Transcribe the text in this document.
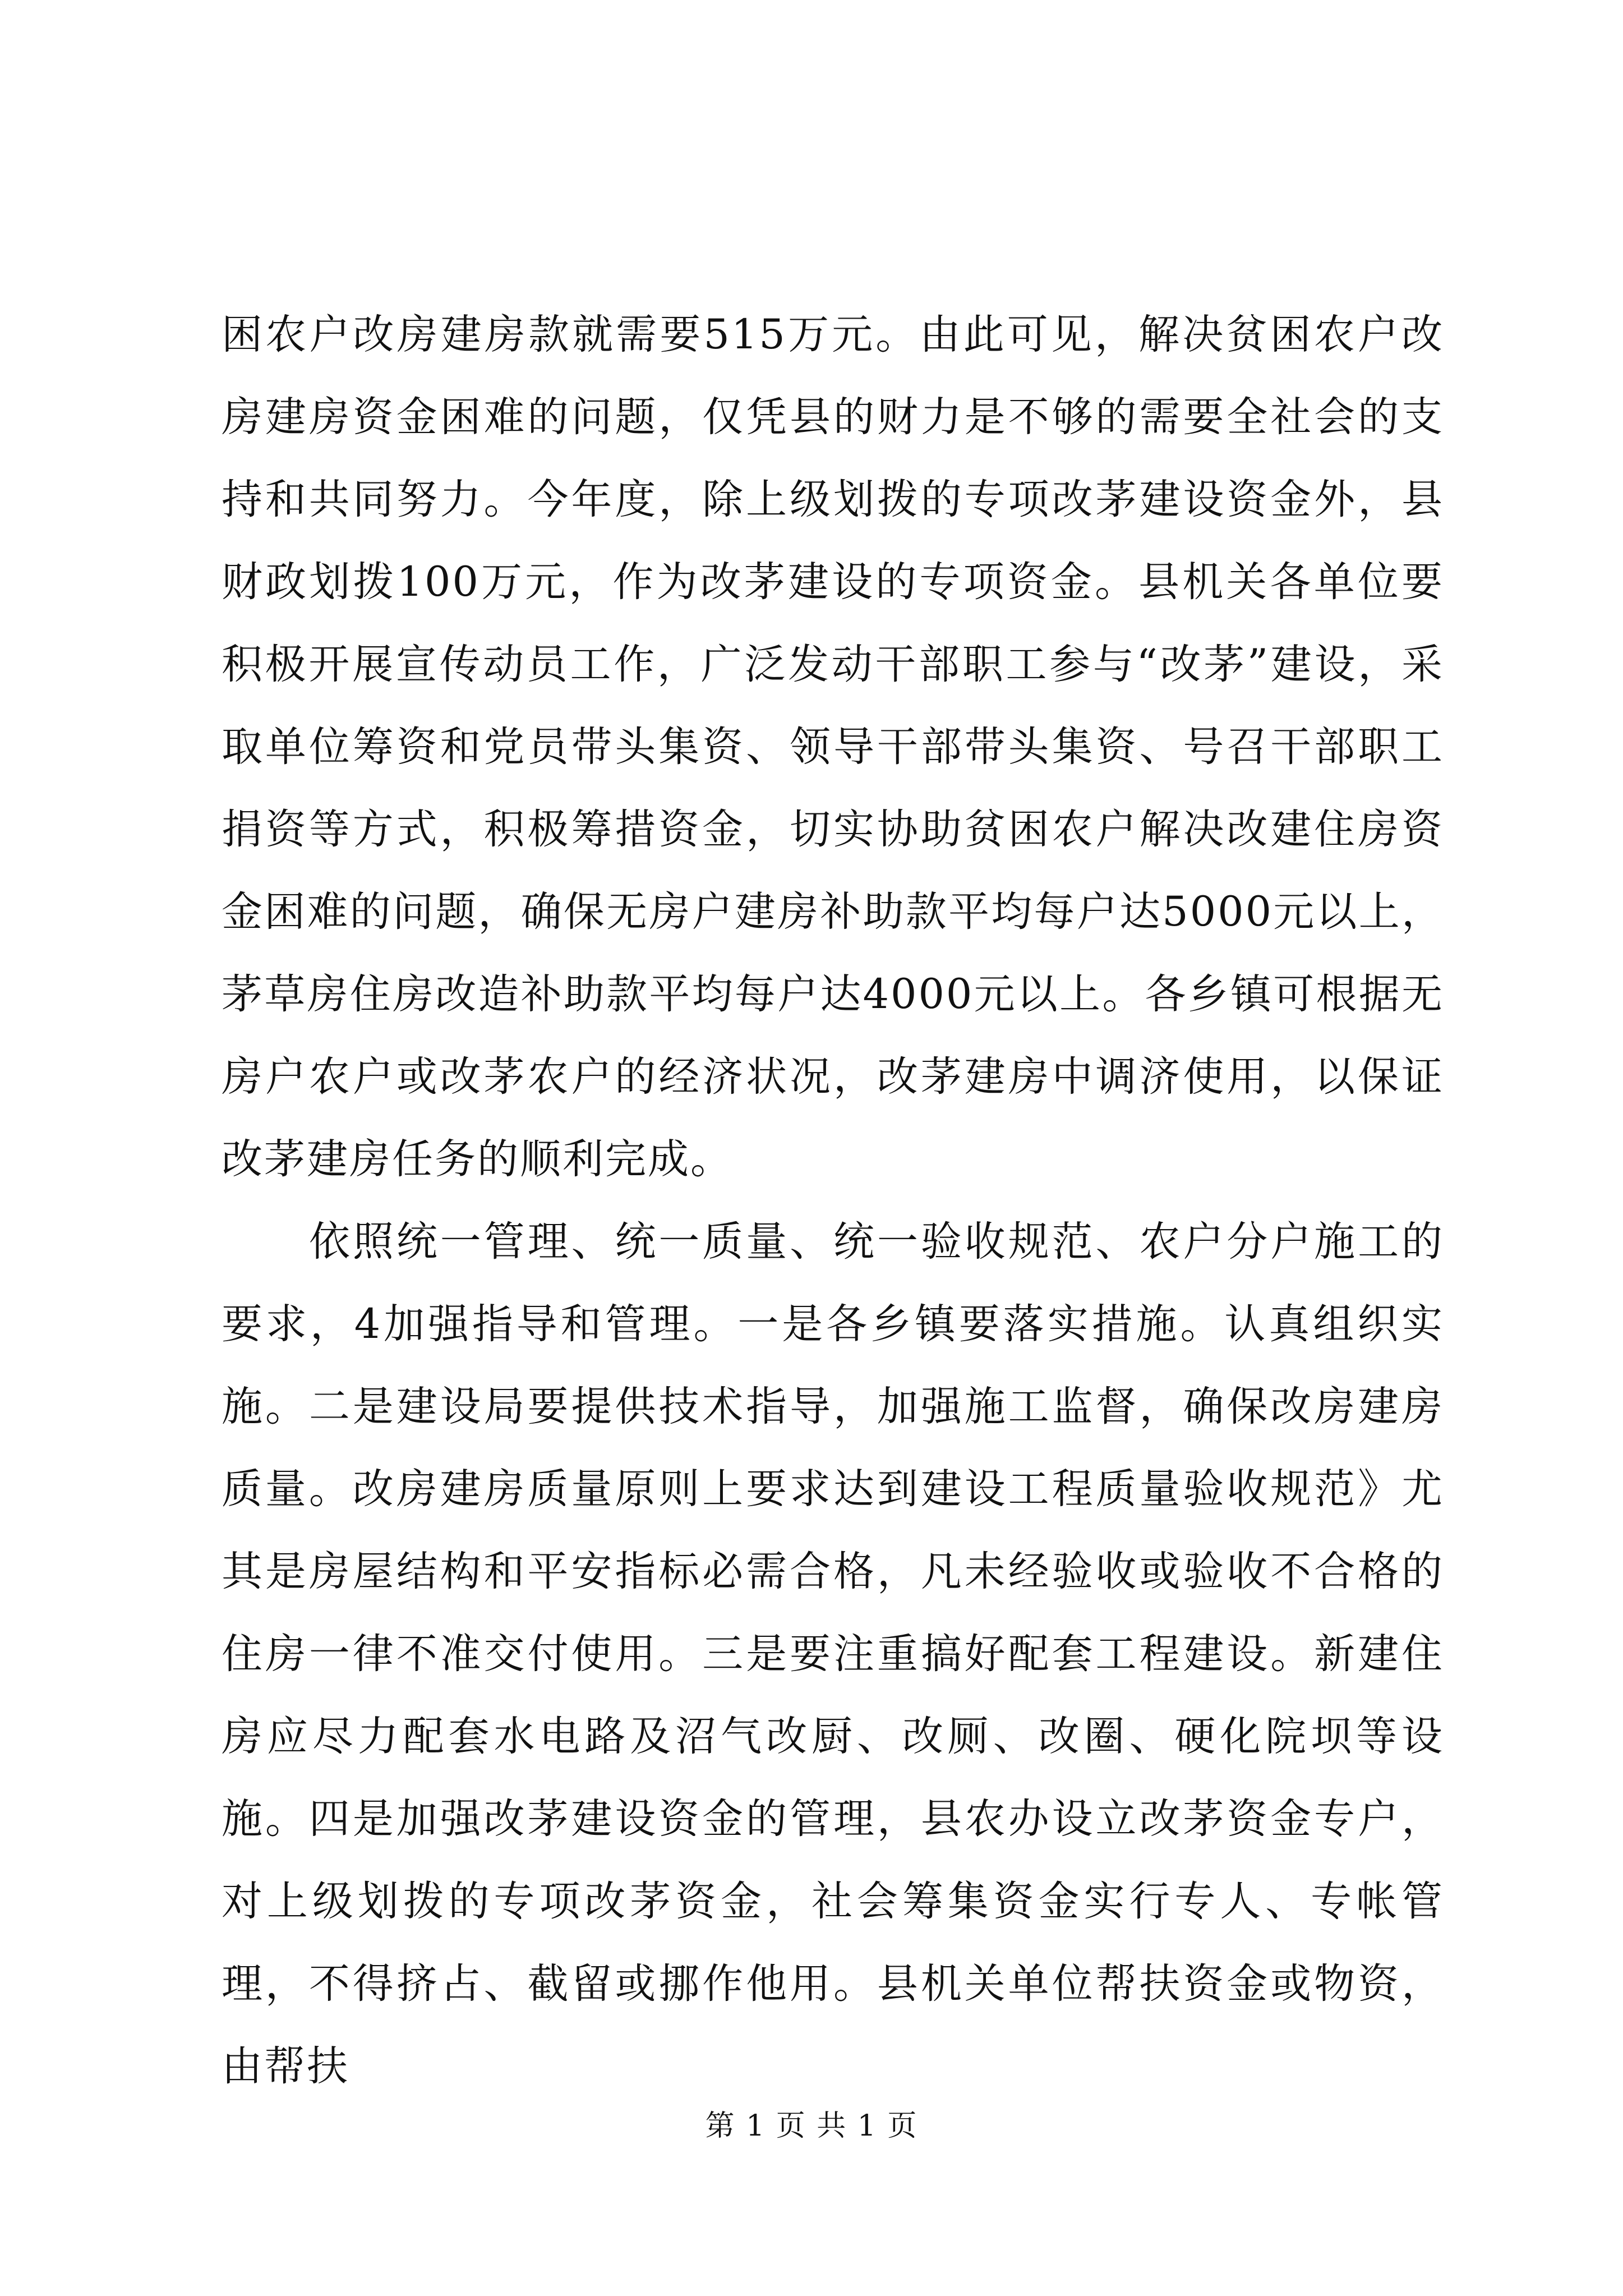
困农户改房建房款就需要515万元。由此可见，解决贫困农户改房建房资金困难的问题，仅凭县的财力是不够的需要全社会的支持和共同努力。今年度，除上级划拨的专项改茅建设资金外，县财政划拨100万元，作为改茅建设的专项资金。县机关各单位要积极开展宣传动员工作，广泛发动干部职工参与“改茅”建设，采取单位筹资和党员带头集资、领导干部带头集资、号召干部职工捐资等方式，积极筹措资金，切实协助贫困农户解决改建住房资金困难的问题，确保无房户建房补助款平均每户达5000元以上，茅草房住房改造补助款平均每户达4000元以上。各乡镇可根据无房户农户或改茅农户的经济状况，改茅建房中调济使用，以保证改茅建房任务的顺利完成。

依照统一管理、统一质量、统一验收规范、农户分户施工的要求，4加强指导和管理。一是各乡镇要落实措施。认真组织实施。二是建设局要提供技术指导，加强施工监督，确保改房建房质量。改房建房质量原则上要求达到建设工程质量验收规范》尤其是房屋结构和平安指标必需合格，凡未经验收或验收不合格的住房一律不准交付使用。三是要注重搞好配套工程建设。新建住房应尽力配套水电路及沼气改厨、改厕、改圈、硬化院坝等设施。四是加强改茅建设资金的管理，县农办设立改茅资金专户，对上级划拨的专项改茅资金，社会筹集资金实行专人、专帐管理，不得挤占、截留或挪作他用。县机关单位帮扶资金或物资，由帮扶

第 1 页 共 1 页
